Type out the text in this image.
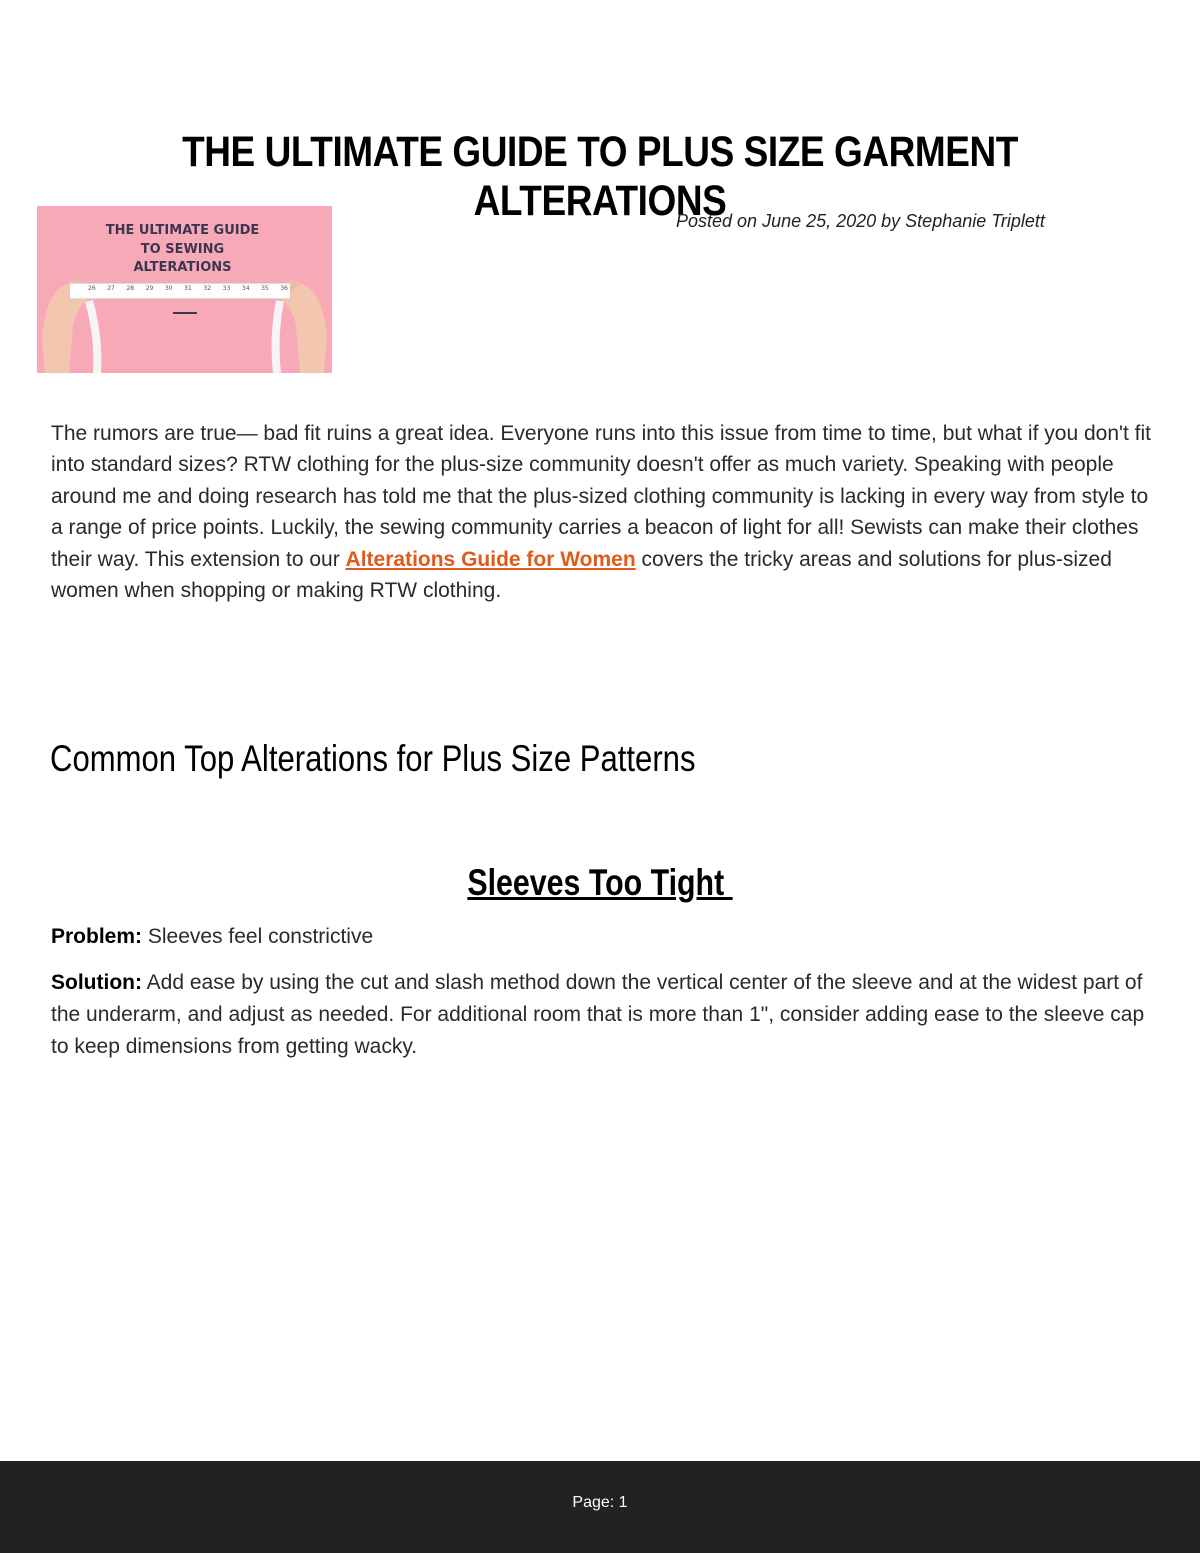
THE ULTIMATE GUIDE TO PLUS SIZE GARMENT ALTERATIONS
THE ULTIMATE GUIDE
TO SEWING
ALTERATIONS
26 27 28 29 30 31 32 33 34 35 36
Posted on June 25, 2020 by Stephanie Triplett

The rumors are true— bad fit ruins a great idea. Everyone runs into this issue from time to time, but what if you don't fit into standard sizes? RTW clothing for the plus-size community doesn't offer as much variety. Speaking with people around me and doing research has told me that the plus-sized clothing community is lacking in every way from style to a range of price points. Luckily, the sewing community carries a beacon of light for all! Sewists can make their clothes their way. This extension to our Alterations Guide for Women covers the tricky areas and solutions for plus-sized women when shopping or making RTW clothing.

Common Top Alterations for Plus Size Patterns
Sleeves Too Tight

Problem: Sleeves feel constrictive

Solution: Add ease by using the cut and slash method down the vertical center of the sleeve and at the widest part of the underarm, and adjust as needed. For additional room that is more than 1", consider adding ease to the sleeve cap to keep dimensions from getting wacky.

Page: 1
